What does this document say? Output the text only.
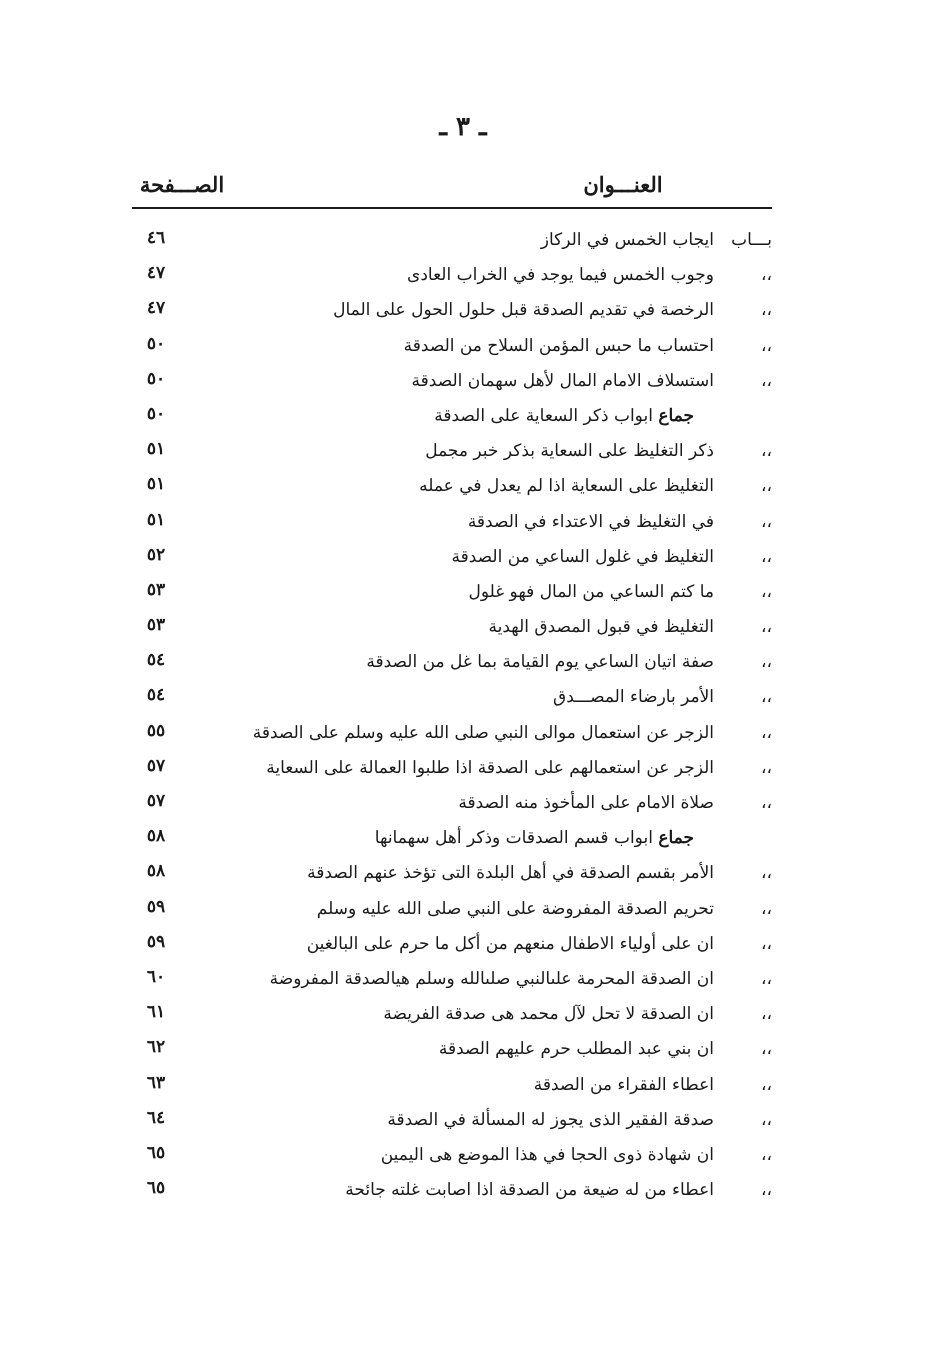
ـ ٣ ـ
العنـــوان
الصـــفحة
بـــاب
ايجاب الخمس في الركاز
٤٦
،،
وجوب الخمس فيما يوجد في الخراب العادى
٤٧
،،
الرخصة في تقديم الصدقة قبل حلول الحول على المال
٤٧
،،
احتساب ما حبس المؤمن السلاح من الصدقة
٥٠
،،
استسلاف الامام المال لأهل سهمان الصدقة
٥٠
جماع ابواب ذكر السعاية على الصدقة
٥٠
،،
ذكر التغليظ على السعاية بذكر خبر مجمل
٥١
،،
التغليظ على السعاية اذا لم يعدل في عمله
٥١
،،
في التغليظ في الاعتداء في الصدقة
٥١
،،
التغليظ في غلول الساعي من الصدقة
٥٢
،،
ما كتم الساعي من المال فهو غلول
٥٣
،،
التغليظ في قبول المصدق الهدية
٥٣
،،
صفة اتيان الساعي يوم القيامة بما غل من الصدقة
٥٤
،،
الأمر بارضاء المصـــدق
٥٤
،،
الزجر عن استعمال موالى النبي صلى الله عليه وسلم على الصدقة
٥٥
،،
الزجر عن استعمالهم على الصدقة اذا طلبوا العمالة على السعاية
٥٧
،،
صلاة الامام على المأخوذ منه الصدقة
٥٧
جماع ابواب قسم الصدقات وذكر أهل سهمانها
٥٨
،،
الأمر بقسم الصدقة في أهل البلدة التى تؤخذ عنهم الصدقة
٥٨
،،
تحريم الصدقة المفروضة على النبي صلى الله عليه وسلم
٥٩
،،
ان على أولياء الاطفال منعهم من أكل ما حرم على البالغين
٥٩
،،
ان الصدقة المحرمة علىالنبي صلىالله وسلم هيالصدقة المفروضة
٦٠
،،
ان الصدقة لا تحل لآل محمد هى صدقة الفريضة
٦١
،،
ان بني عبد المطلب حرم عليهم الصدقة
٦٢
،،
اعطاء الفقراء من الصدقة
٦٣
،،
صدقة الفقير الذى يجوز له المسألة في الصدقة
٦٤
،،
ان شهادة ذوى الحجا في هذا الموضع هى اليمين
٦٥
،،
اعطاء من له ضيعة من الصدقة اذا اصابت غلته جائحة
٦٥
